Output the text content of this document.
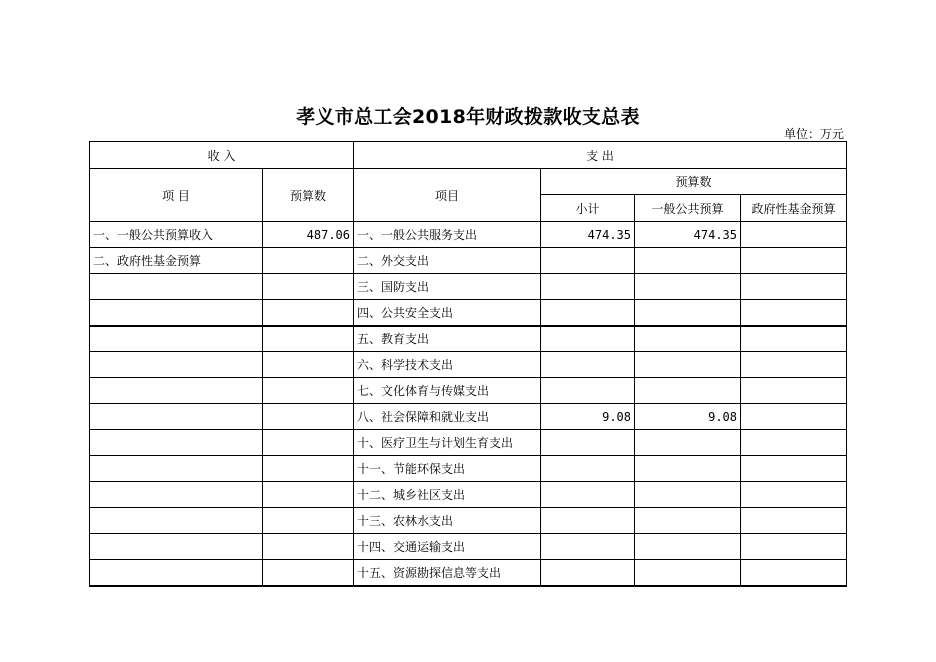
孝义市总工会2018年财政拨款收支总表
单位：万元
收 入		支 出			
项 目	预算数	项目	预算数		
			小计	一般公共预算	政府性基金预算
一、一般公共预算收入	487.06	一、一般公共服务支出	474.35	474.35	
二、政府性基金预算		二、外交支出			
		三、国防支出			
		四、公共安全支出			
		五、教育支出			
		六、科学技术支出			
		七、文化体育与传媒支出			
		八、社会保障和就业支出	9.08	9.08	
		十、医疗卫生与计划生育支出			
		十一、节能环保支出			
		十二、城乡社区支出			
		十三、农林水支出			
		十四、交通运输支出			
		十五、资源勘探信息等支出			
